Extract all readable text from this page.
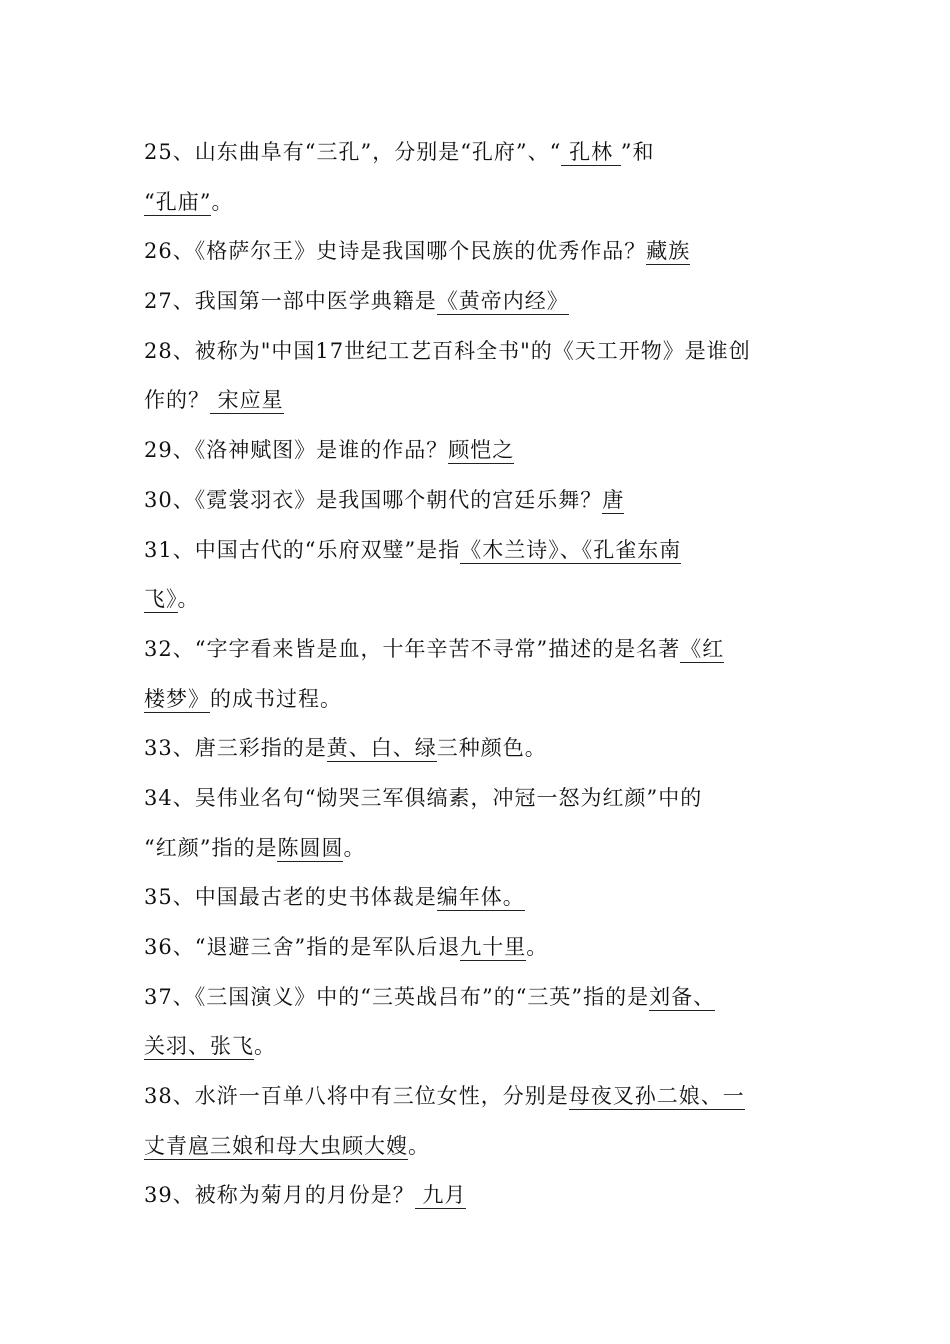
25、山东曲阜有“三孔”，分别是“孔府”、“ 孔林 ”和
“孔庙”。
26、《格萨尔王》史诗是我国哪个民族的优秀作品？藏族
27、我国第一部中医学典籍是《黄帝内经》
28、被称为"中国17世纪工艺百科全书"的《天工开物》是谁创
作的？ 宋应星
29、《洛神赋图》是谁的作品？顾恺之
30、《霓裳羽衣》是我国哪个朝代的宫廷乐舞？唐
31、中国古代的“乐府双璧”是指《木兰诗》、《孔雀东南
飞》。
32、“字字看来皆是血，十年辛苦不寻常”描述的是名著《红
楼梦》的成书过程。
33、唐三彩指的是黄、白、绿三种颜色。
34、吴伟业名句“恸哭三军俱缟素，冲冠一怒为红颜”中的
“红颜”指的是陈圆圆。
35、中国最古老的史书体裁是编年体。
36、“退避三舍”指的是军队后退九十里。
37、《三国演义》中的“三英战吕布”的“三英”指的是刘备、
关羽、张飞。
38、水浒一百单八将中有三位女性，分别是母夜叉孙二娘、一
丈青扈三娘和母大虫顾大嫂。
39、被称为菊月的月份是？ 九月
